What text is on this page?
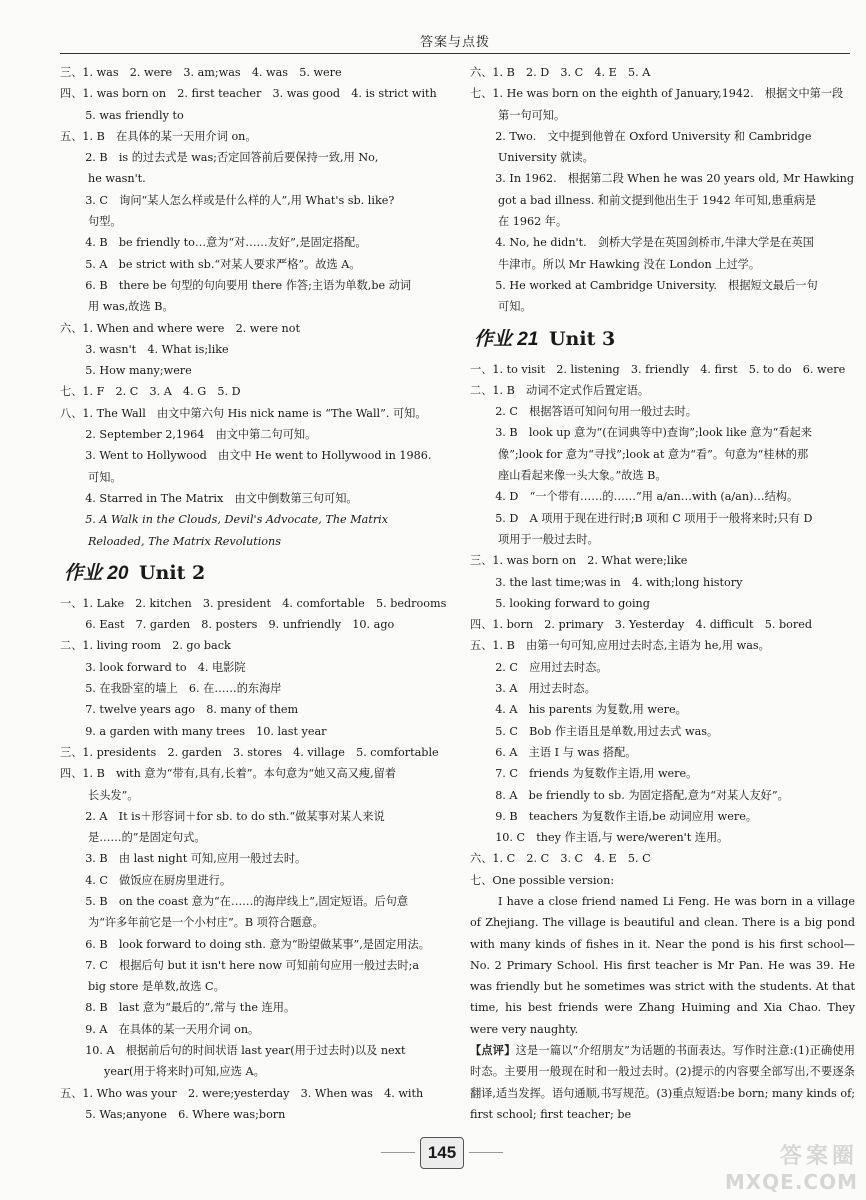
答案与点拨
三、1. was　2. were　3. am;was　4. was　5. were
四、1. was born on　2. first teacher　3. was good　4. is strict with
　5. was friendly to
五、1. B　在具体的某一天用介词 on。
　2. B　is 的过去式是 was;否定回答前后要保持一致,用 No,
he wasn't.
　3. C　询问“某人怎么样或是什么样的人”,用 What's sb. like?
句型。
　4. B　be friendly to…意为“对……友好”,是固定搭配。
　5. A　be strict with sb.“对某人要求严格”。故选 A。
　6. B　there be 句型的句向要用 there 作答;主语为单数,be 动词
用 was,故选 B。
六、1. When and where were　2. were not
　3. wasn't　4. What is;like
　5. How many;were
七、1. F　2. C　3. A　4. G　5. D
八、1. The Wall　由文中第六句 His nick name is “The Wall”. 可知。
　2. September 2,1964　由文中第二句可知。
　3. Went to Hollywood　由文中 He went to Hollywood in 1986.
可知。
　4. Starred in The Matrix　由文中倒数第三句可知。
　5. A Walk in the Clouds, Devil's Advocate, The Matrix
Reloaded, The Matrix Revolutions
作业 20 Unit 2
一、1. Lake　2. kitchen　3. president　4. comfortable　5. bedrooms
　6. East　7. garden　8. posters　9. unfriendly　10. ago
二、1. living room　2. go back
　3. look forward to　4. 电影院
　5. 在我卧室的墙上　6. 在……的东海岸
　7. twelve years ago　8. many of them
　9. a garden with many trees　10. last year
三、1. presidents　2. garden　3. stores　4. village　5. comfortable
四、1. B　with 意为“带有,具有,长着”。本句意为“她又高又瘦,留着
长头发”。
　2. A　It is＋形容词＋for sb. to do sth.“做某事对某人来说
是……的”是固定句式。
　3. B　由 last night 可知,应用一般过去时。
　4. C　做饭应在厨房里进行。
　5. B　on the coast 意为“在……的海岸线上”,固定短语。后句意
为“许多年前它是一个小村庄”。B 项符合题意。
　6. B　look forward to doing sth. 意为“盼望做某事”,是固定用法。
　7. C　根据后句 but it isn't here now 可知前句应用一般过去时;a
big store 是单数,故选 C。
　8. B　last 意为“最后的”,常与 the 连用。
　9. A　在具体的某一天用介词 on。
　10. A　根据前后句的时间状语 last year(用于过去时)以及 next
year(用于将来时)可知,应选 A。
五、1. Who was your　2. were;yesterday　3. When was　4. with
　5. Was;anyone　6. Where was;born
六、1. B　2. D　3. C　4. E　5. A
七、1. He was born on the eighth of January,1942.　根据文中第一段
第一句可知。
　2. Two.　文中提到他曾在 Oxford University 和 Cambridge
University 就读。
　3. In 1962.　根据第二段 When he was 20 years old, Mr Hawking
got a bad illness. 和前文提到他出生于 1942 年可知,患重病是
在 1962 年。
　4. No, he didn't.　剑桥大学是在英国剑桥市,牛津大学是在英国
牛津市。所以 Mr Hawking 没在 London 上过学。
　5. He worked at Cambridge University.　根据短文最后一句
可知。
作业 21 Unit 3
一、1. to visit　2. listening　3. friendly　4. first　5. to do　6. were
二、1. B　动词不定式作后置定语。
　2. C　根据答语可知问句用一般过去时。
　3. B　look up 意为“(在词典等中)查询”;look like 意为“看起来
像”;look for 意为“寻找”;look at 意为“看”。句意为“桂林的那
座山看起来像一头大象。”故选 B。
　4. D　“一个带有……的……”用 a/an…with (a/an)…结构。
　5. D　A 项用于现在进行时;B 项和 C 项用于一般将来时;只有 D
项用于一般过去时。
三、1. was born on　2. What were;like
　3. the last time;was in　4. with;long history
　5. looking forward to going
四、1. born　2. primary　3. Yesterday　4. difficult　5. bored
五、1. B　由第一句可知,应用过去时态,主语为 he,用 was。
　2. C　应用过去时态。
　3. A　用过去时态。
　4. A　his parents 为复数,用 were。
　5. C　Bob 作主语且是单数,用过去式 was。
　6. A　主语 I 与 was 搭配。
　7. C　friends 为复数作主语,用 were。
　8. A　be friendly to sb. 为固定搭配,意为“对某人友好”。
　9. B　teachers 为复数作主语,be 动词应用 were。
　10. C　they 作主语,与 were/weren't 连用。
六、1. C　2. C　3. C　4. E　5. C
七、One possible version:
I have a close friend named Li Feng. He was born in a village of Zhejiang. The village is beautiful and clean. There is a big pond with many kinds of fishes in it. Near the pond is his first school—No. 2 Primary School. His first teacher is Mr Pan. He was 39. He was friendly but he sometimes was strict with the students. At that time, his best friends were Zhang Huiming and Xia Chao. They were very naughty.
【点评】这是一篇以“介绍朋友”为话题的书面表达。写作时注意:(1)正确使用时态。主要用一般现在时和一般过去时。(2)提示的内容要全部写出,不要逐条翻译,适当发挥。语句通顺,书写规范。(3)重点短语:be born; many kinds of; first school; first teacher; be
145	答案圈
MXQE.COM
